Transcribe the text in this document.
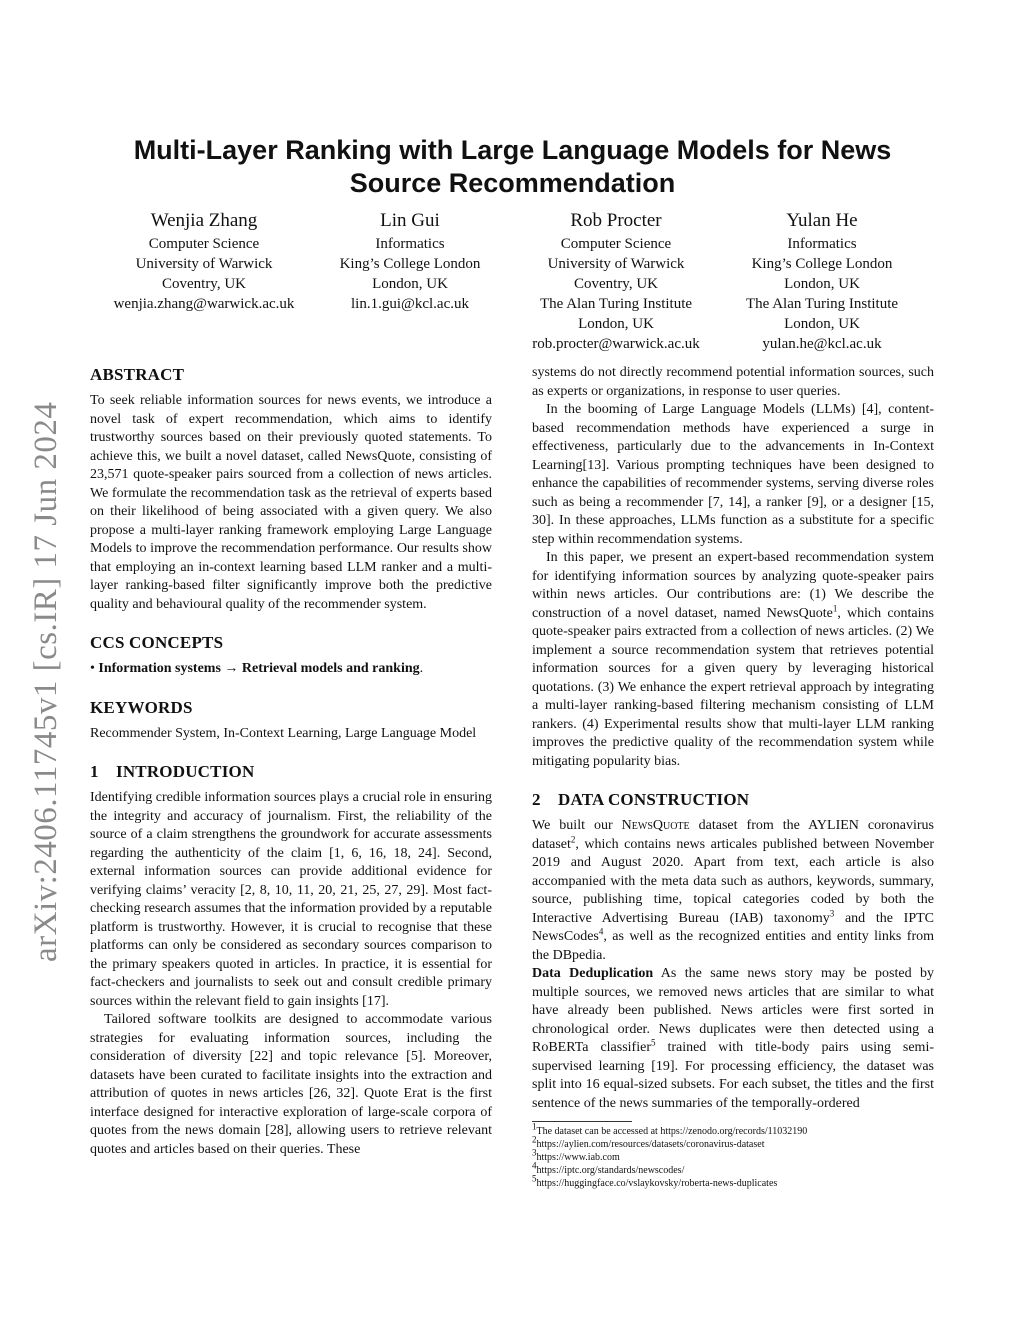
arXiv:2406.11745v1 [cs.IR] 17 Jun 2024
Multi-Layer Ranking with Large Language Models for News Source Recommendation
Wenjia Zhang
Computer Science
University of Warwick
Coventry, UK
wenjia.zhang@warwick.ac.uk
Lin Gui
Informatics
King’s College London
London, UK
lin.1.gui@kcl.ac.uk
Rob Procter
Computer Science
University of Warwick
Coventry, UK
The Alan Turing Institute
London, UK
rob.procter@warwick.ac.uk
Yulan He
Informatics
King’s College London
London, UK
The Alan Turing Institute
London, UK
yulan.he@kcl.ac.uk
ABSTRACT

To seek reliable information sources for news events, we introduce a novel task of expert recommendation, which aims to identify trustworthy sources based on their previously quoted statements. To achieve this, we built a novel dataset, called NewsQuote, consisting of 23,571 quote-speaker pairs sourced from a collection of news articles. We formulate the recommendation task as the retrieval of experts based on their likelihood of being associated with a given query. We also propose a multi-layer ranking framework employing Large Language Models to improve the recommendation performance. Our results show that employing an in-context learning based LLM ranker and a multi-layer ranking-based filter significantly improve both the predictive quality and behavioural quality of the recommender system.

CCS CONCEPTS

• Information systems → Retrieval models and ranking.

KEYWORDS

Recommender System, In-Context Learning, Large Language Model

1 INTRODUCTION

Identifying credible information sources plays a crucial role in ensuring the integrity and accuracy of journalism. First, the reliability of the source of a claim strengthens the groundwork for accurate assessments regarding the authenticity of the claim [1, 6, 16, 18, 24]. Second, external information sources can provide additional evidence for verifying claims’ veracity [2, 8, 10, 11, 20, 21, 25, 27, 29]. Most fact-checking research assumes that the information provided by a reputable platform is trustworthy. However, it is crucial to recognise that these platforms can only be considered as secondary sources comparison to the primary speakers quoted in articles. In practice, it is essential for fact-checkers and journalists to seek out and consult credible primary sources within the relevant field to gain insights [17].

Tailored software toolkits are designed to accommodate various strategies for evaluating information sources, including the consideration of diversity [22] and topic relevance [5]. Moreover, datasets have been curated to facilitate insights into the extraction and attribution of quotes in news articles [26, 32]. Quote Erat is the first interface designed for interactive exploration of large-scale corpora of quotes from the news domain [28], allowing users to retrieve relevant quotes and articles based on their queries. These

systems do not directly recommend potential information sources, such as experts or organizations, in response to user queries.

In the booming of Large Language Models (LLMs) [4], content-based recommendation methods have experienced a surge in effectiveness, particularly due to the advancements in In-Context Learning[13]. Various prompting techniques have been designed to enhance the capabilities of recommender systems, serving diverse roles such as being a recommender [7, 14], a ranker [9], or a designer [15, 30]. In these approaches, LLMs function as a substitute for a specific step within recommendation systems.

In this paper, we present an expert-based recommendation system for identifying information sources by analyzing quote-speaker pairs within news articles. Our contributions are: (1) We describe the construction of a novel dataset, named NewsQuote$^1$, which contains quote-speaker pairs extracted from a collection of news articles. (2) We implement a source recommendation system that retrieves potential information sources for a given query by leveraging historical quotations. (3) We enhance the expert retrieval approach by integrating a multi-layer ranking-based filtering mechanism consisting of LLM rankers. (4) Experimental results show that multi-layer LLM ranking improves the predictive quality of the recommendation system while mitigating popularity bias.

2 DATA CONSTRUCTION

We built our NewsQuote dataset from the AYLIEN coronavirus dataset$^2$, which contains news articales published between November 2019 and August 2020. Apart from text, each article is also accompanied with the meta data such as authors, keywords, summary, source, publishing time, topical categories coded by both the Interactive Advertising Bureau (IAB) taxonomy$^3$ and the IPTC NewsCodes$^4$, as well as the recognized entities and entity links from the DBpedia.

Data Deduplication As the same news story may be posted by multiple sources, we removed news articles that are similar to what have already been published. News articles were first sorted in chronological order. News duplicates were then detected using a RoBERTa classifier$^5$ trained with title-body pairs using semi-supervised learning [19]. For processing efficiency, the dataset was split into 16 equal-sized subsets. For each subset, the titles and the first sentence of the news summaries of the temporally-ordered

$^1$The dataset can be accessed at https://zenodo.org/records/11032190
$^2$https://aylien.com/resources/datasets/coronavirus-dataset
$^3$https://www.iab.com
$^4$https://iptc.org/standards/newscodes/
$^5$https://huggingface.co/vslaykovsky/roberta-news-duplicates
